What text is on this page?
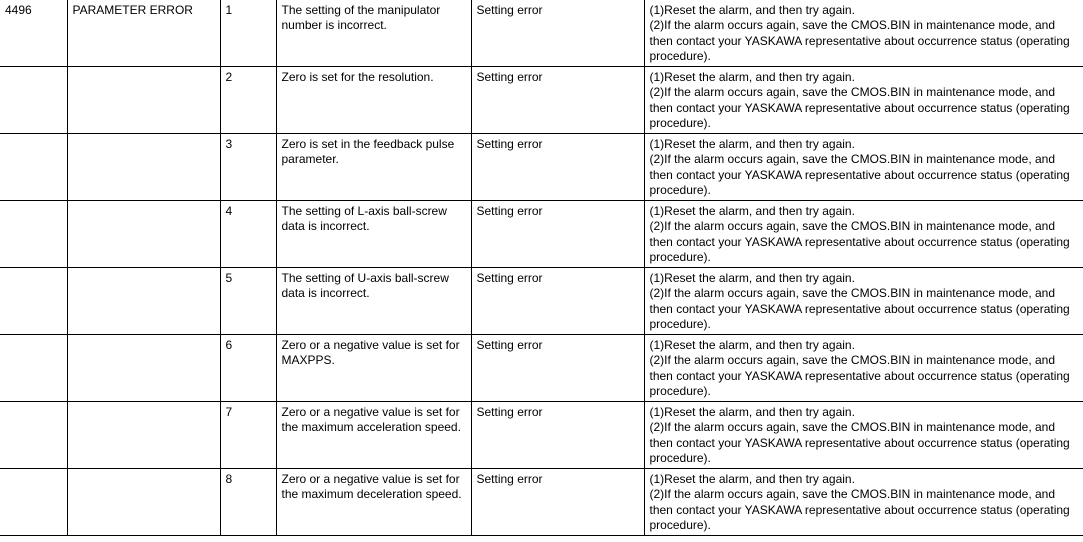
4496	PARAMETER ERROR	1	The setting of the manipulator number is incorrect.	Setting error	(1)Reset the alarm, and then try again.
(2)If the alarm occurs again, save the CMOS.BIN in maintenance mode, and then contact your YASKAWA representative about occurrence status (operating procedure).

		2	Zero is set for the resolution.	Setting error	(1)Reset the alarm, and then try again.
(2)If the alarm occurs again, save the CMOS.BIN in maintenance mode, and then contact your YASKAWA representative about occurrence status (operating procedure).

		3	Zero is set in the feedback pulse parameter.	Setting error	(1)Reset the alarm, and then try again.
(2)If the alarm occurs again, save the CMOS.BIN in maintenance mode, and then contact your YASKAWA representative about occurrence status (operating procedure).

		4	The setting of L-axis ball-screw data is incorrect.	Setting error	(1)Reset the alarm, and then try again.
(2)If the alarm occurs again, save the CMOS.BIN in maintenance mode, and then contact your YASKAWA representative about occurrence status (operating procedure).

		5	The setting of U-axis ball-screw data is incorrect.	Setting error	(1)Reset the alarm, and then try again.
(2)If the alarm occurs again, save the CMOS.BIN in maintenance mode, and then contact your YASKAWA representative about occurrence status (operating procedure).

		6	Zero or a negative value is set for MAXPPS.	Setting error	(1)Reset the alarm, and then try again.
(2)If the alarm occurs again, save the CMOS.BIN in maintenance mode, and then contact your YASKAWA representative about occurrence status (operating procedure).

		7	Zero or a negative value is set for the maximum acceleration speed.	Setting error	(1)Reset the alarm, and then try again.
(2)If the alarm occurs again, save the CMOS.BIN in maintenance mode, and then contact your YASKAWA representative about occurrence status (operating procedure).

		8	Zero or a negative value is set for the maximum deceleration speed.	Setting error	(1)Reset the alarm, and then try again.
(2)If the alarm occurs again, save the CMOS.BIN in maintenance mode, and then contact your YASKAWA representative about occurrence status (operating procedure).
